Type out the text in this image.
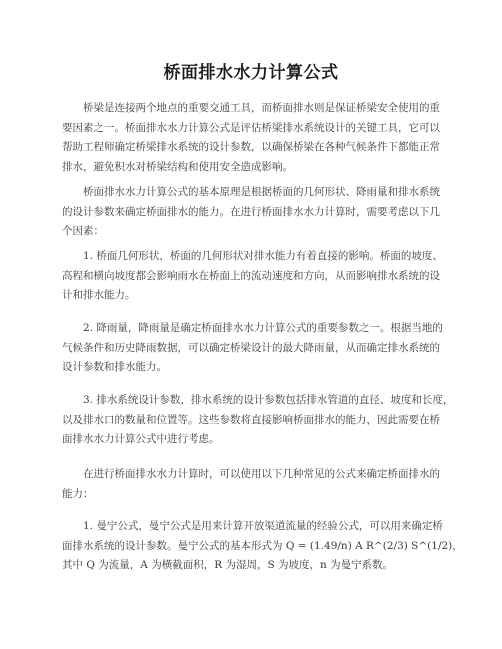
桥面排水水力计算公式
桥梁是连接两个地点的重要交通工具，而桥面排水则是保证桥梁安全使用的重
要因素之一。桥面排水水力计算公式是评估桥梁排水系统设计的关键工具，它可以
帮助工程师确定桥梁排水系统的设计参数，以确保桥梁在各种气候条件下都能正常
排水，避免积水对桥梁结构和使用安全造成影响。
桥面排水水力计算公式的基本原理是根据桥面的几何形状、降雨量和排水系统
的设计参数来确定桥面排水的能力。在进行桥面排水水力计算时，需要考虑以下几
个因素：
1. 桥面几何形状，桥面的几何形状对排水能力有着直接的影响。桥面的坡度、
高程和横向坡度都会影响雨水在桥面上的流动速度和方向，从而影响排水系统的设
计和排水能力。
2. 降雨量，降雨量是确定桥面排水水力计算公式的重要参数之一。根据当地的
气候条件和历史降雨数据，可以确定桥梁设计的最大降雨量，从而确定排水系统的
设计参数和排水能力。
3. 排水系统设计参数，排水系统的设计参数包括排水管道的直径、坡度和长度，
以及排水口的数量和位置等。这些参数将直接影响桥面排水的能力，因此需要在桥
面排水水力计算公式中进行考虑。
在进行桥面排水水力计算时，可以使用以下几种常见的公式来确定桥面排水的
能力：
1. 曼宁公式，曼宁公式是用来计算开放渠道流量的经验公式，可以用来确定桥
面排水系统的设计参数。曼宁公式的基本形式为 Q = (1.49/n) A R^(2/3) S^(1/2)，
其中 Q 为流量，A 为横截面积，R 为湿周，S 为坡度，n 为曼宁系数。
